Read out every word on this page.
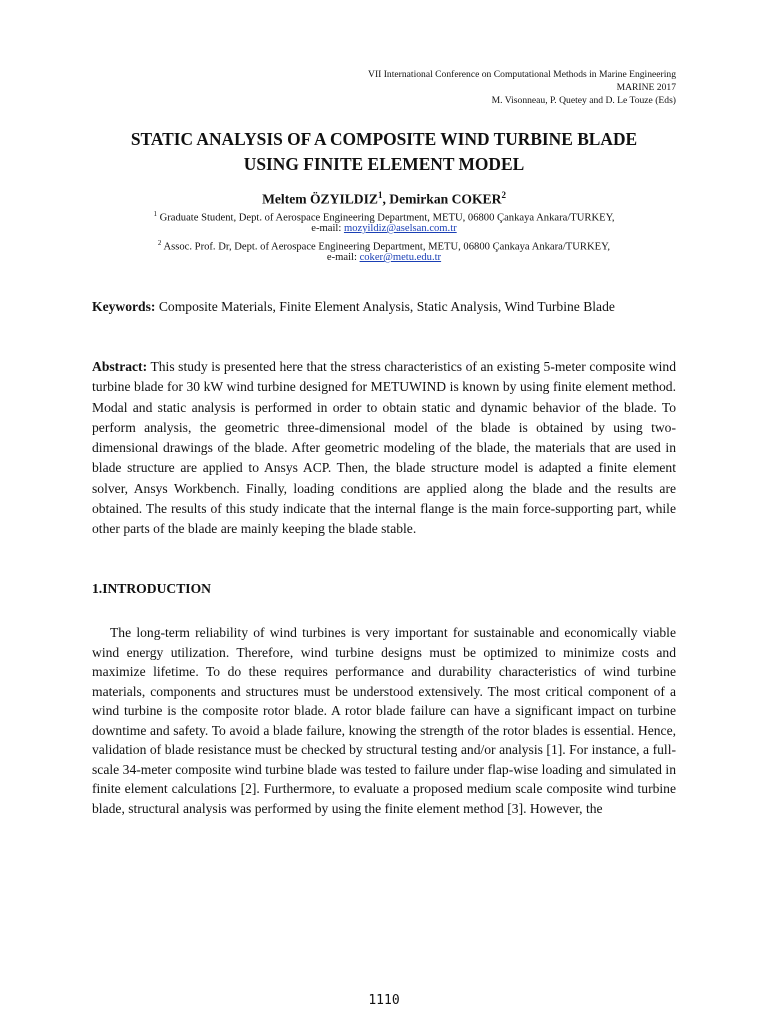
VII International Conference on Computational Methods in Marine Engineering
MARINE 2017
M. Visonneau, P. Quetey and D. Le Touze (Eds)
STATIC ANALYSIS OF A COMPOSITE WIND TURBINE BLADE
USING FINITE ELEMENT MODEL
Meltem ÖZYILDIZ$^1$, Demirkan COKER$^2$
$^1$ Graduate Student, Dept. of Aerospace Engineering Department, METU, 06800 Çankaya Ankara/TURKEY,
e-mail: mozyildiz@aselsan.com.tr
$^2$ Assoc. Prof. Dr, Dept. of Aerospace Engineering Department, METU, 06800 Çankaya Ankara/TURKEY,
e-mail: coker@metu.edu.tr
Keywords: Composite Materials, Finite Element Analysis, Static Analysis, Wind Turbine Blade
Abstract: This study is presented here that the stress characteristics of an existing 5-meter composite wind turbine blade for 30 kW wind turbine designed for METUWIND is known by using finite element method. Modal and static analysis is performed in order to obtain static and dynamic behavior of the blade. To perform analysis, the geometric three-dimensional model of the blade is obtained by using two-dimensional drawings of the blade. After geometric modeling of the blade, the materials that are used in blade structure are applied to Ansys ACP. Then, the blade structure model is adapted a finite element solver, Ansys Workbench. Finally, loading conditions are applied along the blade and the results are obtained. The results of this study indicate that the internal flange is the main force-supporting part, while other parts of the blade are mainly keeping the blade stable.
1.INTRODUCTION
The long-term reliability of wind turbines is very important for sustainable and economically viable wind energy utilization. Therefore, wind turbine designs must be optimized to minimize costs and maximize lifetime. To do these requires performance and durability characteristics of wind turbine materials, components and structures must be understood extensively. The most critical component of a wind turbine is the composite rotor blade. A rotor blade failure can have a significant impact on turbine downtime and safety. To avoid a blade failure, knowing the strength of the rotor blades is essential. Hence, validation of blade resistance must be checked by structural testing and/or analysis [1]. For instance, a full-scale 34-meter composite wind turbine blade was tested to failure under flap-wise loading and simulated in finite element calculations [2]. Furthermore, to evaluate a proposed medium scale composite wind turbine blade, structural analysis was performed by using the finite element method [3]. However, the
1110
